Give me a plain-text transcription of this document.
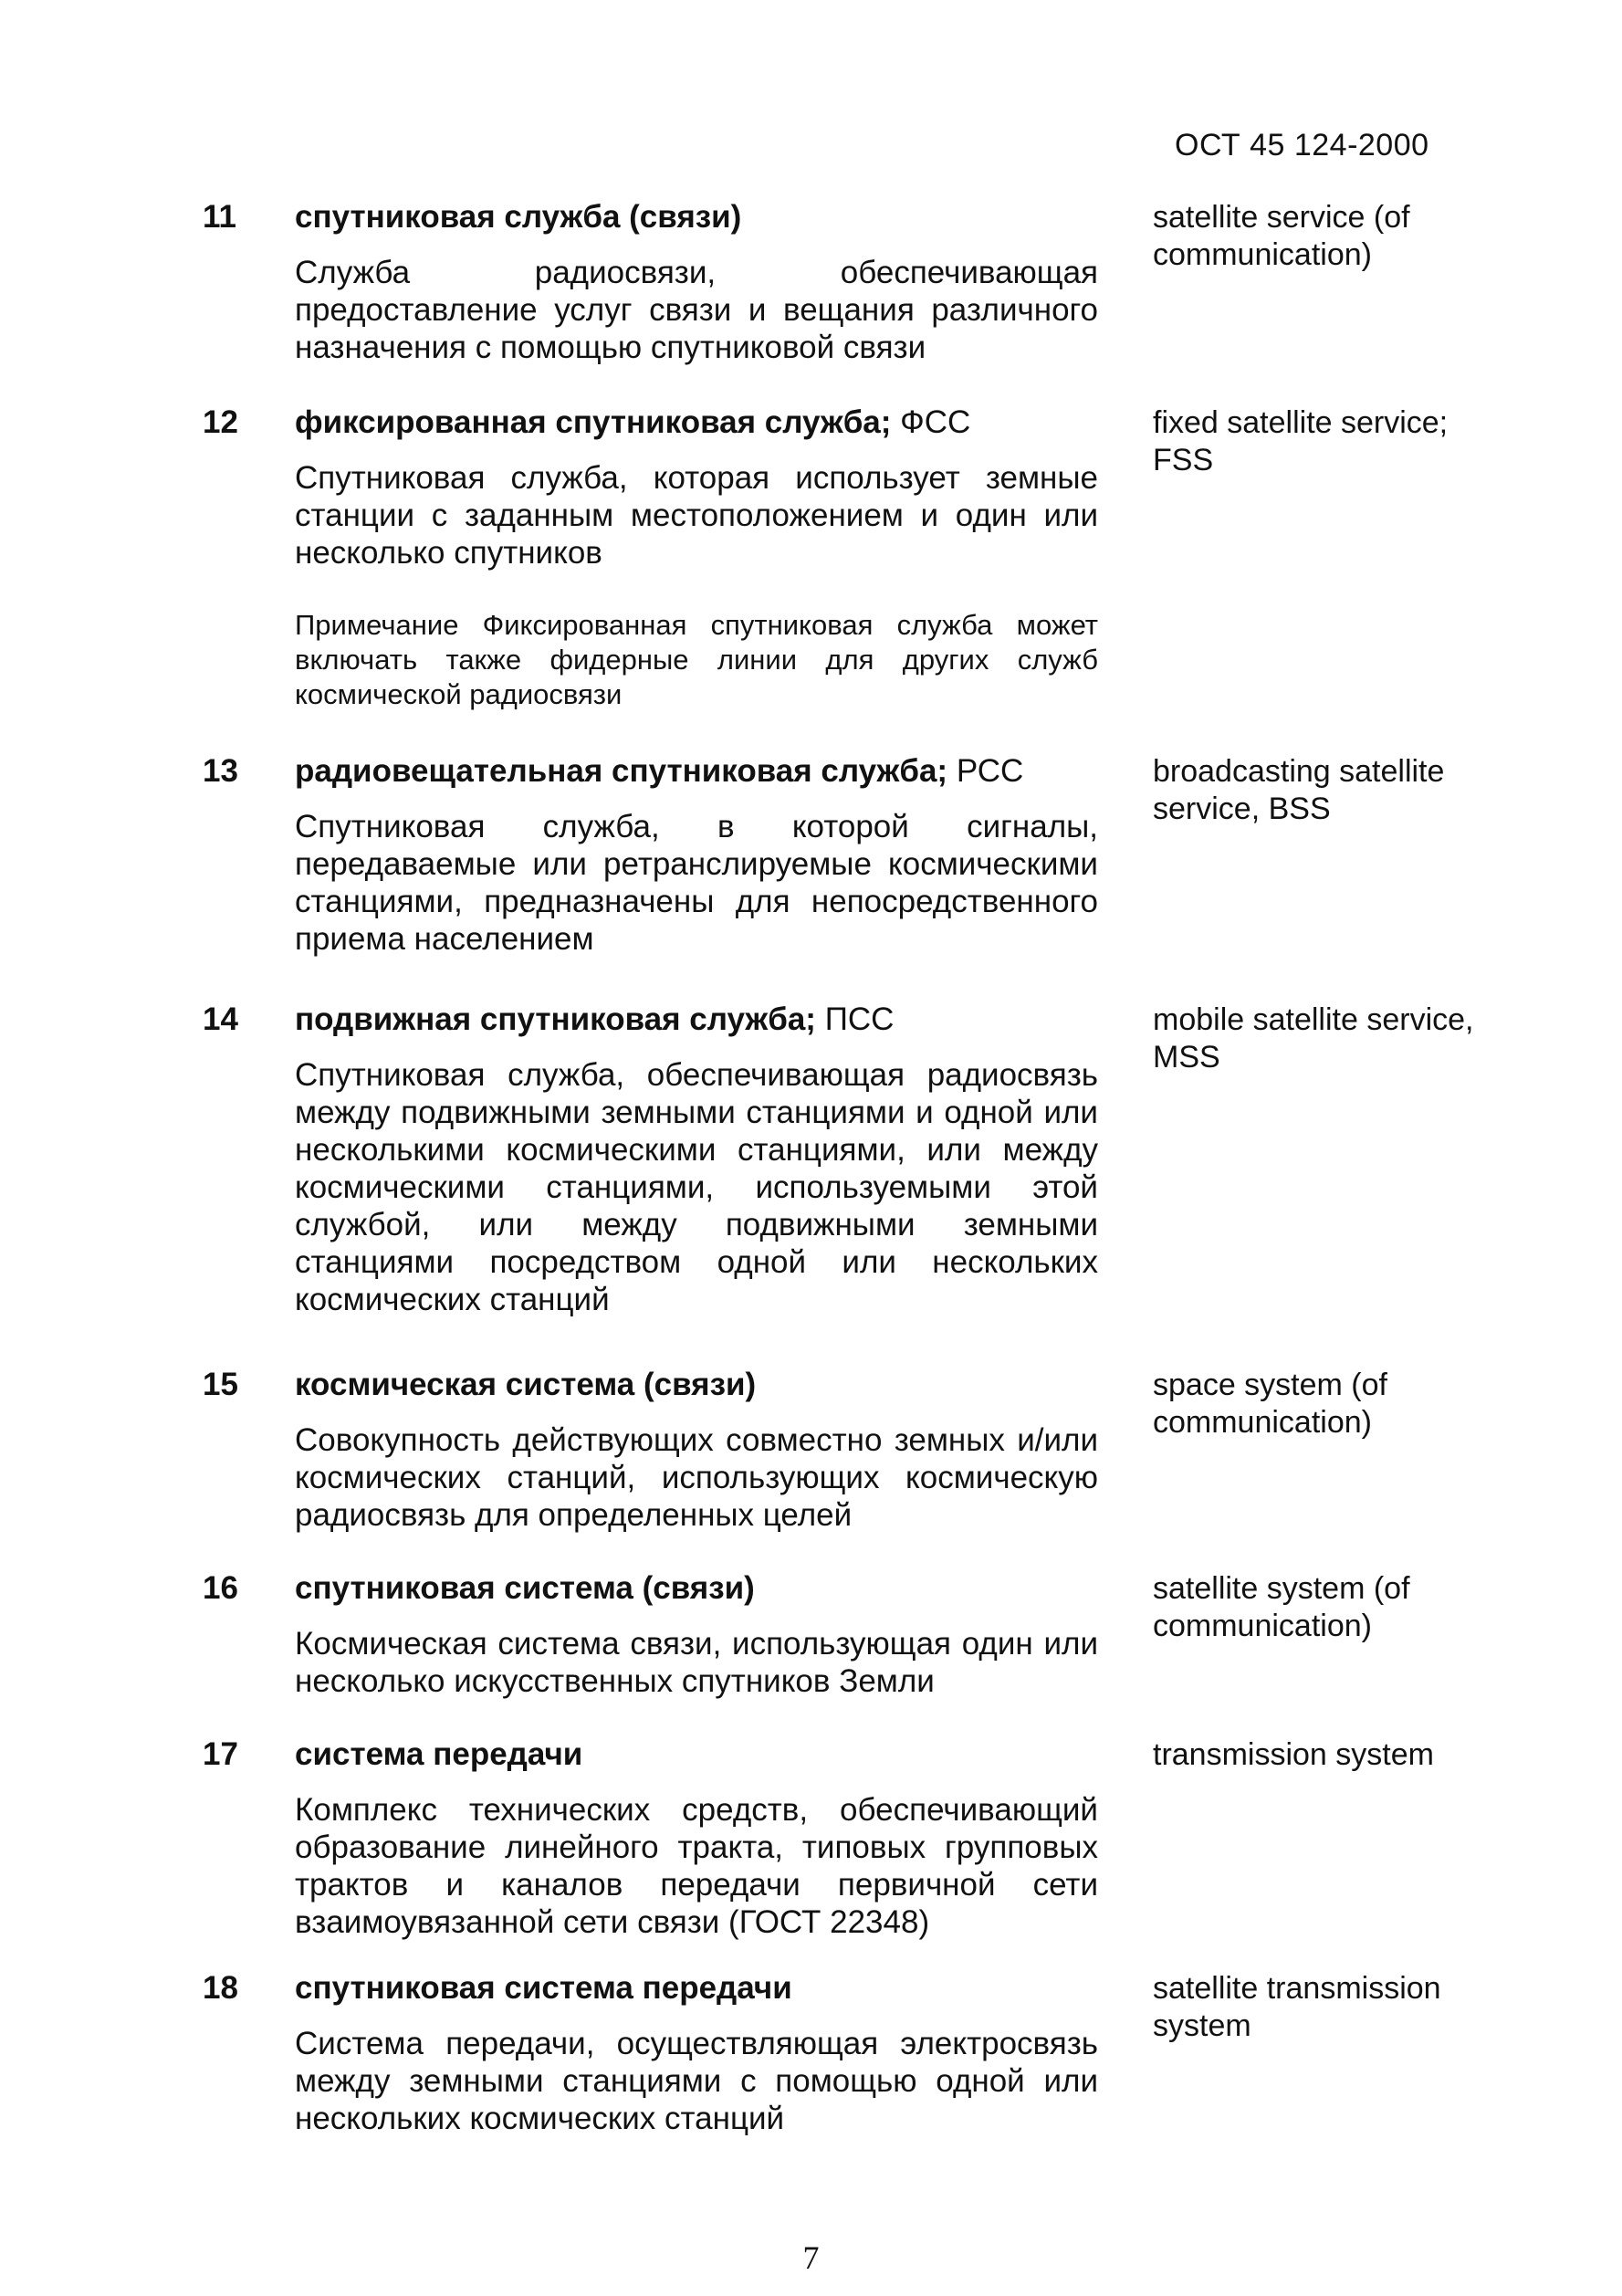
ОСТ 45 124-2000
11 спутниковая служба (связи)
Служба радиосвязи, обеспечивающая предоставление услуг связи и вещания различного назначения с помощью спутниковой связи
satellite service (of communication)
12 фиксированная спутниковая служба; ФСС
Спутниковая служба, которая использует земные станции с заданным местоположением и один или несколько спутников
Примечание Фиксированная спутниковая служба может включать также фидерные линии для других служб космической радиосвязи
fixed satellite service; FSS
13 радиовещательная спутниковая служба; РСС
Спутниковая служба, в которой сигналы, передаваемые или ретранслируемые космическими станциями, предназначены для непосредственного приема населением
broadcasting satellite service, BSS
14 подвижная спутниковая служба; ПСС
Спутниковая служба, обеспечивающая радиосвязь между подвижными земными станциями и одной или несколькими космическими станциями, или между космическими станциями, используемыми этой службой, или между подвижными земными станциями посредством одной или нескольких космических станций
mobile satellite service, MSS
15 космическая система (связи)
Совокупность действующих совместно земных и/или космических станций, использующих космическую радиосвязь для определенных целей
space system (of communication)
16 спутниковая система (связи)
Космическая система связи, использующая один или несколько искусственных спутников Земли
satellite system (of communication)
17 система передачи
Комплекс технических средств, обеспечивающий образование линейного тракта, типовых групповых трактов и каналов передачи первичной сети взаимоувязанной сети связи (ГОСТ 22348)
transmission system
18 спутниковая система передачи
Система передачи, осуществляющая электросвязь между земными станциями с помощью одной или нескольких космических станций
satellite transmission system
7
